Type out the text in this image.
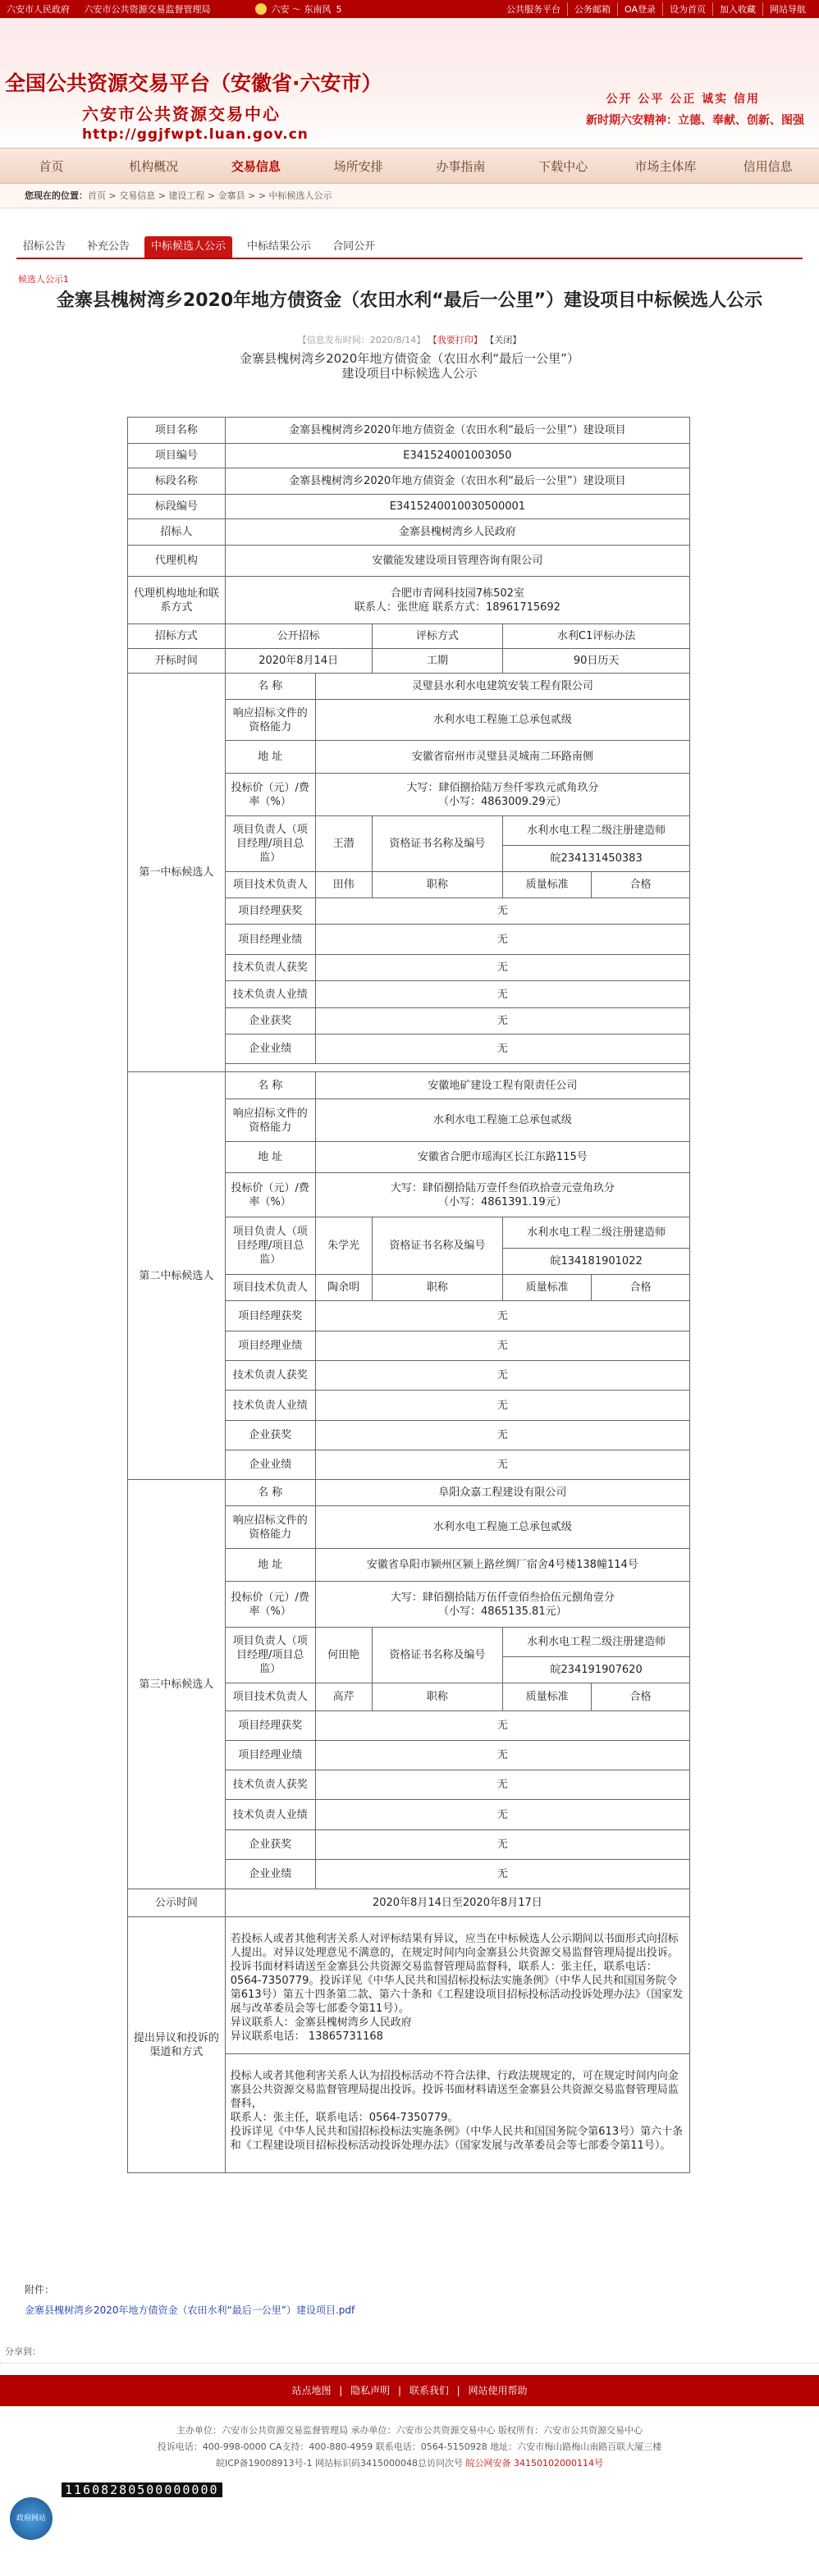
六安市人民政府 六安市公共资源交易监督管理局	六安 ～ 东南风 5	公共服务平台	公务邮箱	OA登录	设为首页	加入收藏	网站导航
全国公共资源交易平台（安徽省·六安市）
六安市公共资源交易中心
http://ggjfwpt.luan.gov.cn
公开 公平 公正 诚实 信用
新时期六安精神：立德、奉献、创新、图强
首页	机构概况	交易信息	场所安排	办事指南	下载中心	市场主体库	信用信息
您现在的位置：首页 > 交易信息 > 建设工程 > 金寨县 > > 中标候选人公示
招标公告	补充公告	中标候选人公示	中标结果公示	合同公开
候选人公示1
金寨县槐树湾乡2020年地方债资金（农田水利“最后一公里”）建设项目中标候选人公示
【信息发布时间：2020/8/14】 【我要打印】 【关闭】
金寨县槐树湾乡2020年地方债资金（农田水利“最后一公里”）
建设项目中标候选人公示
项目名称	金寨县槐树湾乡2020年地方债资金（农田水利“最后一公里”）建设项目				
项目编号	E341524001003050				
标段名称	金寨县槐树湾乡2020年地方债资金（农田水利“最后一公里”）建设项目				
标段编号	E3415240010030500001				
招标人	金寨县槐树湾乡人民政府				
代理机构	安徽能发建设项目管理咨询有限公司				
代理机构地址和联系方式	合肥市青网科技园7栋502室
联系人：张世庭 联系方式：18961715692				

招标方式	公开招标		评标方式	水利C1评标办法	
开标时间	2020年8月14日		工期	90日历天	
第一中标候选人	名 称	灵璧县水利水电建筑安装工程有限公司			
	响应招标文件的资格能力	水利水电工程施工总承包贰级			
	地 址	安徽省宿州市灵璧县灵城南二环路南侧			
	投标价（元）/费率（%）	大写：肆佰捌拾陆万叁仟零玖元贰角玖分
（小写：4863009.29元）			

	项目负责人（项目经理/项目总监）	王潜	资格证书名称及编号	水利水电工程二级注册建造师	
				皖234131450383	
	项目技术负责人	田伟	职称	质量标准	合格
	项目经理获奖	无			
	项目经理业绩	无			
	技术负责人获奖	无			
	技术负责人业绩	无			
	企业获奖	无			
	企业业绩	无			

第二中标候选人	名 称	安徽地矿建设工程有限责任公司			
	响应招标文件的资格能力	水利水电工程施工总承包贰级			
	地 址	安徽省合肥市瑶海区长江东路115号			
	投标价（元）/费率（%）	大写：肆佰捌拾陆万壹仟叁佰玖拾壹元壹角玖分
（小写：4861391.19元）			

	项目负责人（项目经理/项目总监）	朱学光	资格证书名称及编号	水利水电工程二级注册建造师	
				皖134181901022	
	项目技术负责人	陶余明	职称	质量标准	合格
	项目经理获奖	无			
	项目经理业绩	无			
	技术负责人获奖	无			
	技术负责人业绩	无			
	企业获奖	无			
	企业业绩	无			
第三中标候选人	名 称	阜阳众嘉工程建设有限公司			
	响应招标文件的资格能力	水利水电工程施工总承包贰级			
	地 址	安徽省阜阳市颍州区颍上路丝绸厂宿舍4号楼138幢114号			
	投标价（元）/费率（%）	大写：肆佰捌拾陆万伍仟壹佰叁拾伍元捌角壹分
（小写：4865135.81元）			

	项目负责人（项目经理/项目总监）	何田艳	资格证书名称及编号	水利水电工程二级注册建造师	
				皖234191907620	
	项目技术负责人	高芹	职称	质量标准	合格
	项目经理获奖	无			
	项目经理业绩	无			
	技术负责人获奖	无			
	技术负责人业绩	无			
	企业获奖	无			
	企业业绩	无			
公示时间	2020年8月14日至2020年8月17日				
提出异议和投诉的渠道和方式	若投标人或者其他利害关系人对评标结果有异议，应当在中标候选人公示期间以书面形式向招标人提出。对异议处理意见不满意的，在规定时间内向金寨县公共资源交易监督管理局提出投诉。投诉书面材料请送至金寨县公共资源交易监督管理局监督科，联系人：张主任，联系电话：0564-7350779。投诉详见《中华人民共和国招标投标法实施条例》（中华人民共和国国务院令第613号）第五十四条第二款、第六十条和《工程建设项目招标投标活动投诉处理办法》（国家发展与改革委员会等七部委令第11号）。
异议联系人：金寨县槐树湾乡人民政府
异议联系电话： 13865731168				

	投标人或者其他利害关系人认为招投标活动不符合法律、行政法规规定的，可在规定时间内向金寨县公共资源交易监督管理局提出投诉。投诉书面材料请送至金寨县公共资源交易监督管理局监督科，
联系人：张主任，联系电话：0564-7350779。
投诉详见《中华人民共和国招标投标法实施条例》（中华人民共和国国务院令第613号）第六十条和《工程建设项目招标投标活动投诉处理办法》（国家发展与改革委员会等七部委令第11号）。				
附件：
金寨县槐树湾乡2020年地方债资金（农田水利“最后一公里”）建设项目.pdf
分享到：
站点地图 | 隐私声明 | 联系我们 | 网站使用帮助
主办单位：六安市公共资源交易监督管理局 承办单位：六安市公共资源交易中心 版权所有：六安市公共资源交易中心
投诉电话：400-998-0000 CA支持：400-880-4959 联系电话：0564-5150928 地址：六安市梅山路梅山南路百联大厦三楼
皖ICP备19008913号-1 网站标识码3415000048总访问次号 皖公网安备 34150102000114号
11608280500000000
政府网站
